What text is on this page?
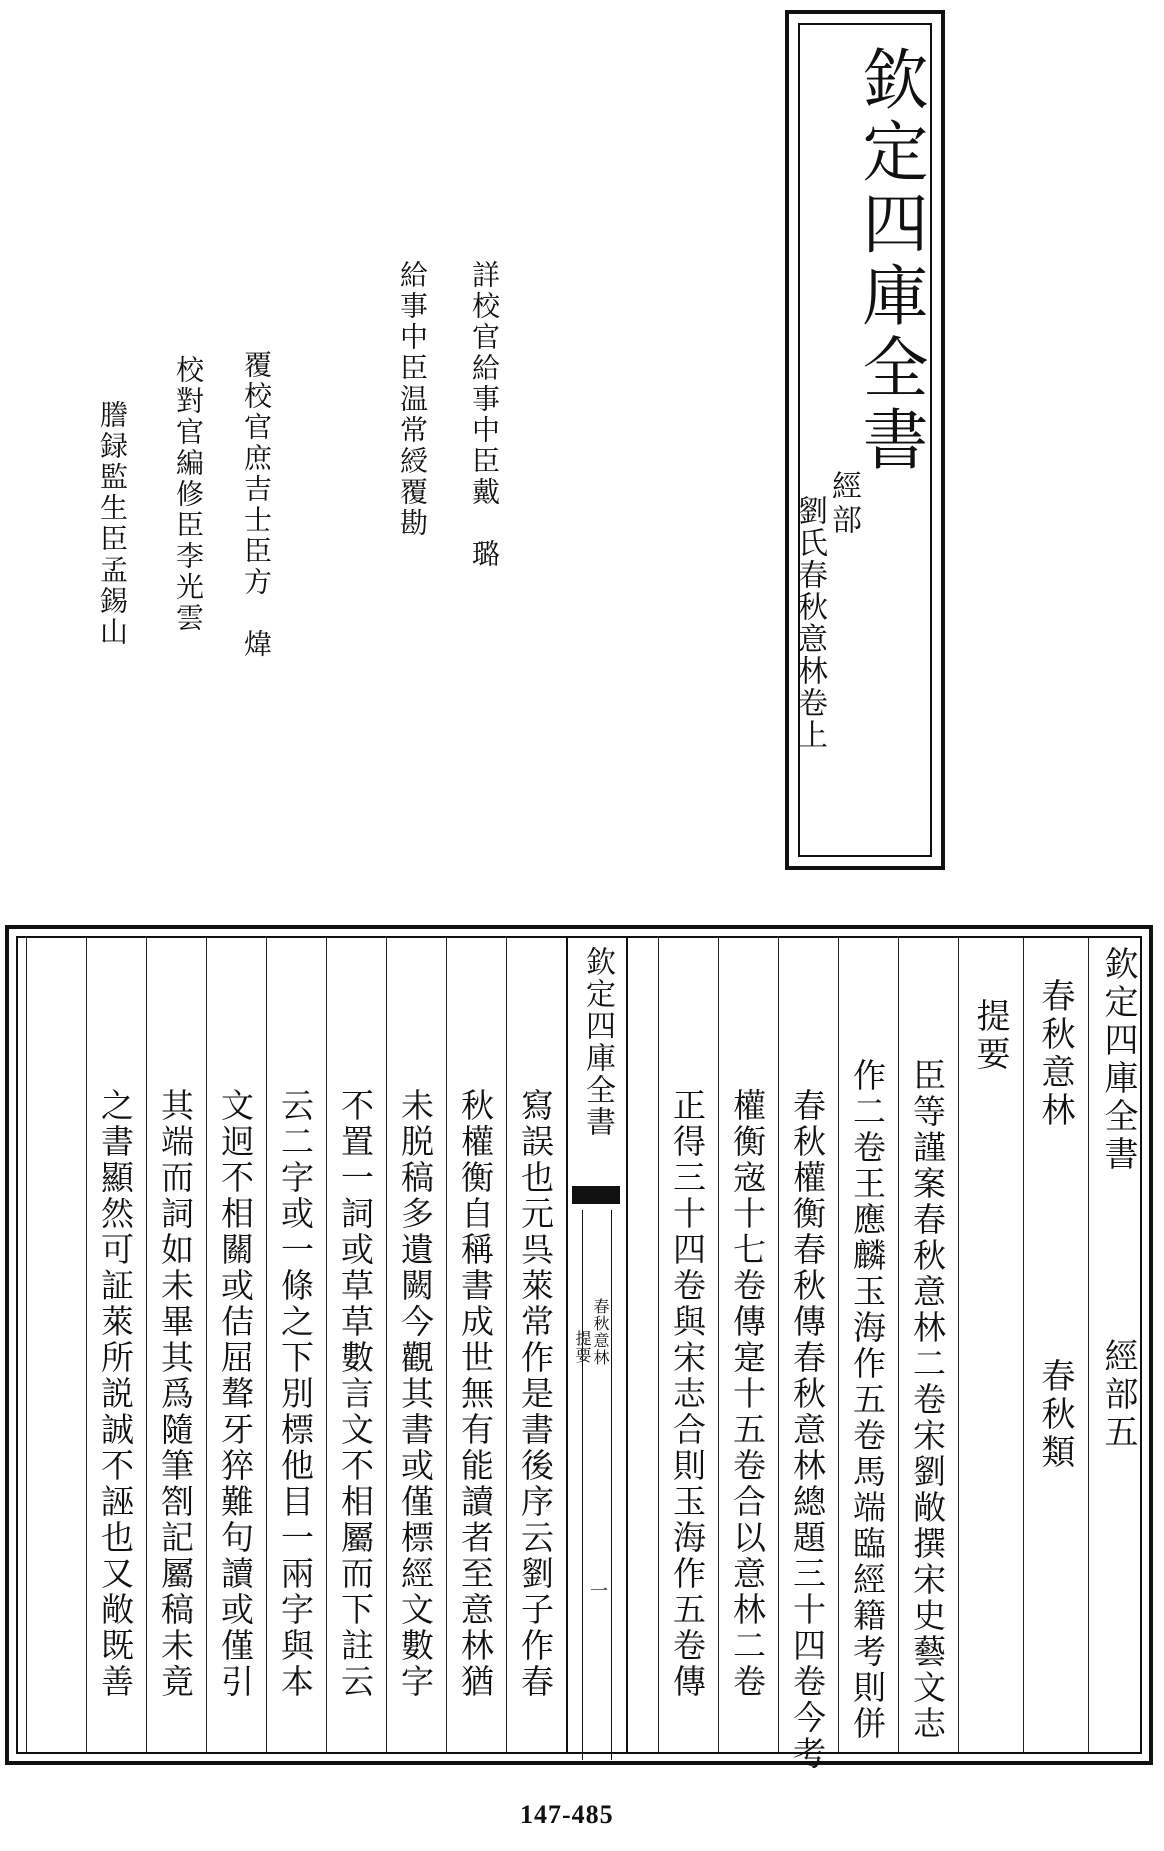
欽定四庫全書
經部
劉氏春秋意林卷上
詳校官給事中臣戴　璐
給事中臣温常綬覆勘
覆校官庶吉士臣方　煒
校對官編修臣李光雲
謄録監生臣孟錫山
欽定四庫全書
經部五
春秋意林
春秋類
提要
臣等謹案春秋意林二卷宋劉敞撰宋史藝文志
作二卷王應麟玉海作五卷馬端臨經籍考則併
春秋權衡春秋傳春秋意林總題三十四卷今考
權衡宼十七卷傳寔十五卷合以意林二卷
正得三十四卷與宋志合則玉海作五卷傳
欽定四庫全書
春秋意林
提要
一
寫誤也元呉萊常作是書後序云劉子作春
秋權衡自稱書成世無有能讀者至意林猶
未脱稿多遺闕今觀其書或僅標經文數字
不置一詞或草草數言文不相屬而下註云
云二字或一條之下別標他目一兩字與本
文迥不相關或佶屈聱牙猝難句讀或僅引
其端而詞如未畢其爲隨筆劄記屬稿未竟
之書顯然可証萊所説誠不誣也又敞既善
147-485
